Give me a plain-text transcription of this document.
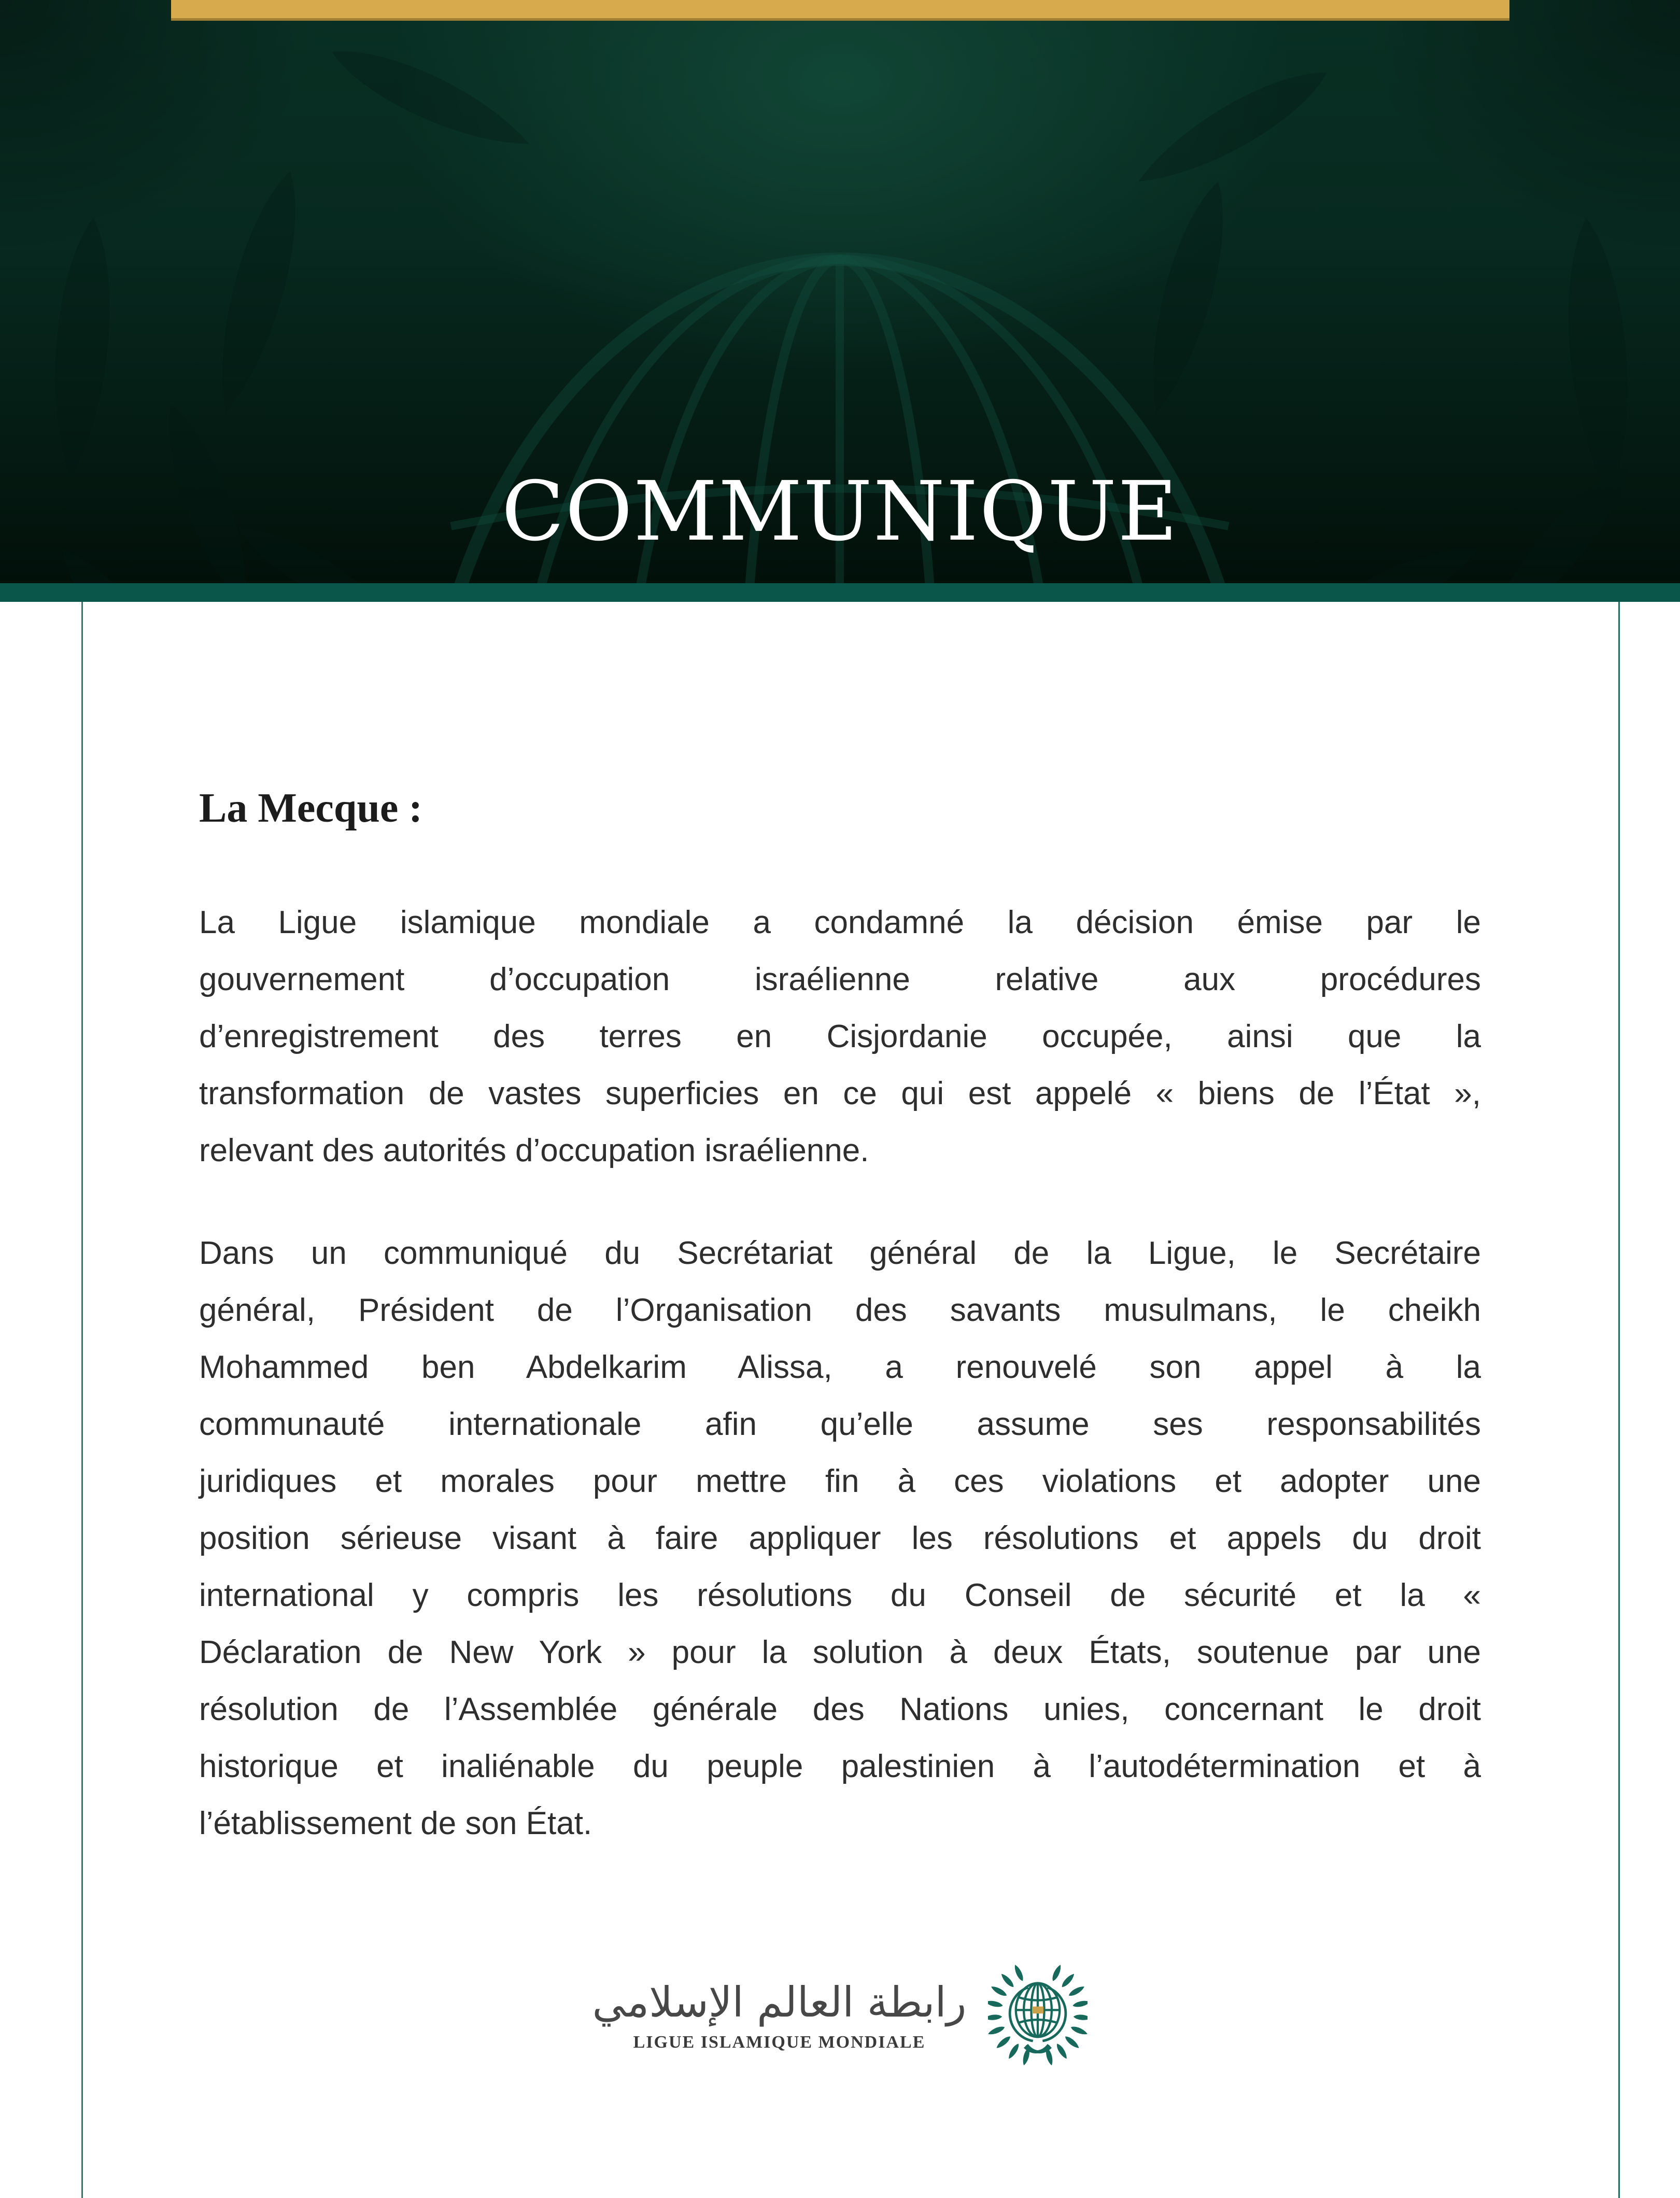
COMMUNIQUE
La Mecque :
La Ligue islamique mondiale a condamné la décision émise par le
gouvernement d’occupation israélienne relative aux procédures
d’enregistrement des terres en Cisjordanie occupée, ainsi que la
transformation de vastes superficies en ce qui est appelé « biens de l’État »,
relevant des autorités d’occupation israélienne.
Dans un communiqué du Secrétariat général de la Ligue, le Secrétaire
général, Président de l’Organisation des savants musulmans, le cheikh
Mohammed ben Abdelkarim Alissa, a renouvelé son appel à la
communauté internationale afin qu’elle assume ses responsabilités
juridiques et morales pour mettre fin à ces violations et adopter une
position sérieuse visant à faire appliquer les résolutions et appels du droit
international y compris les résolutions du Conseil de sécurité et la «
Déclaration de New York » pour la solution à deux États, soutenue par une
résolution de l’Assemblée générale des Nations unies, concernant le droit
historique et inaliénable du peuple palestinien à l’autodétermination et à
l’établissement de son État.
رابطة العالم الإسلامي
LIGUE ISLAMIQUE MONDIALE
